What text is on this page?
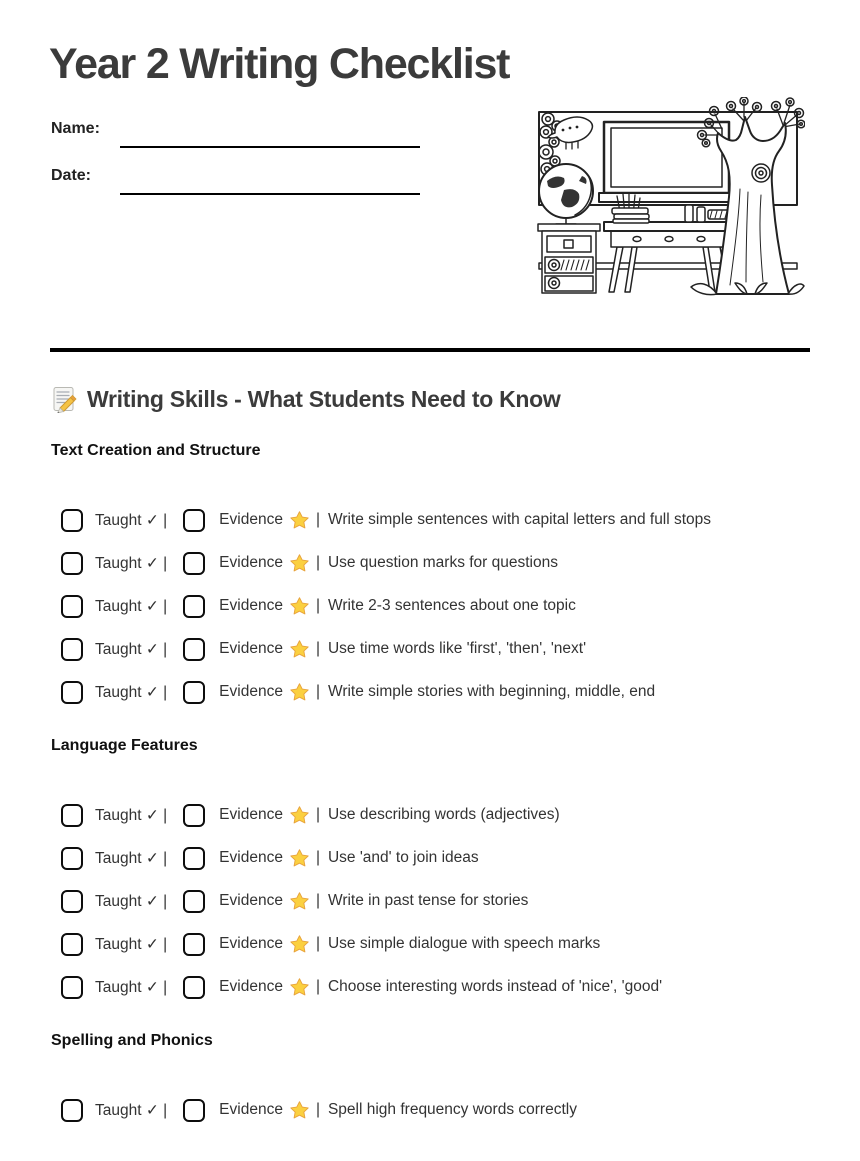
Year 2 Writing Checklist
Name:
Date:
Writing Skills - What Students Need to Know
Text Creation and Structure
Taught ✓ |	Evidence | Write simple sentences with capital letters and full stops
Taught ✓ |	Evidence | Use question marks for questions
Taught ✓ |	Evidence | Write 2-3 sentences about one topic
Taught ✓ |	Evidence | Use time words like 'first', 'then', 'next'
Taught ✓ |	Evidence | Write simple stories with beginning, middle, end
Language Features
Taught ✓ |	Evidence | Use describing words (adjectives)
Taught ✓ |	Evidence | Use 'and' to join ideas
Taught ✓ |	Evidence | Write in past tense for stories
Taught ✓ |	Evidence | Use simple dialogue with speech marks
Taught ✓ |	Evidence | Choose interesting words instead of 'nice', 'good'
Spelling and Phonics
Taught ✓ |	Evidence | Spell high frequency words correctly
